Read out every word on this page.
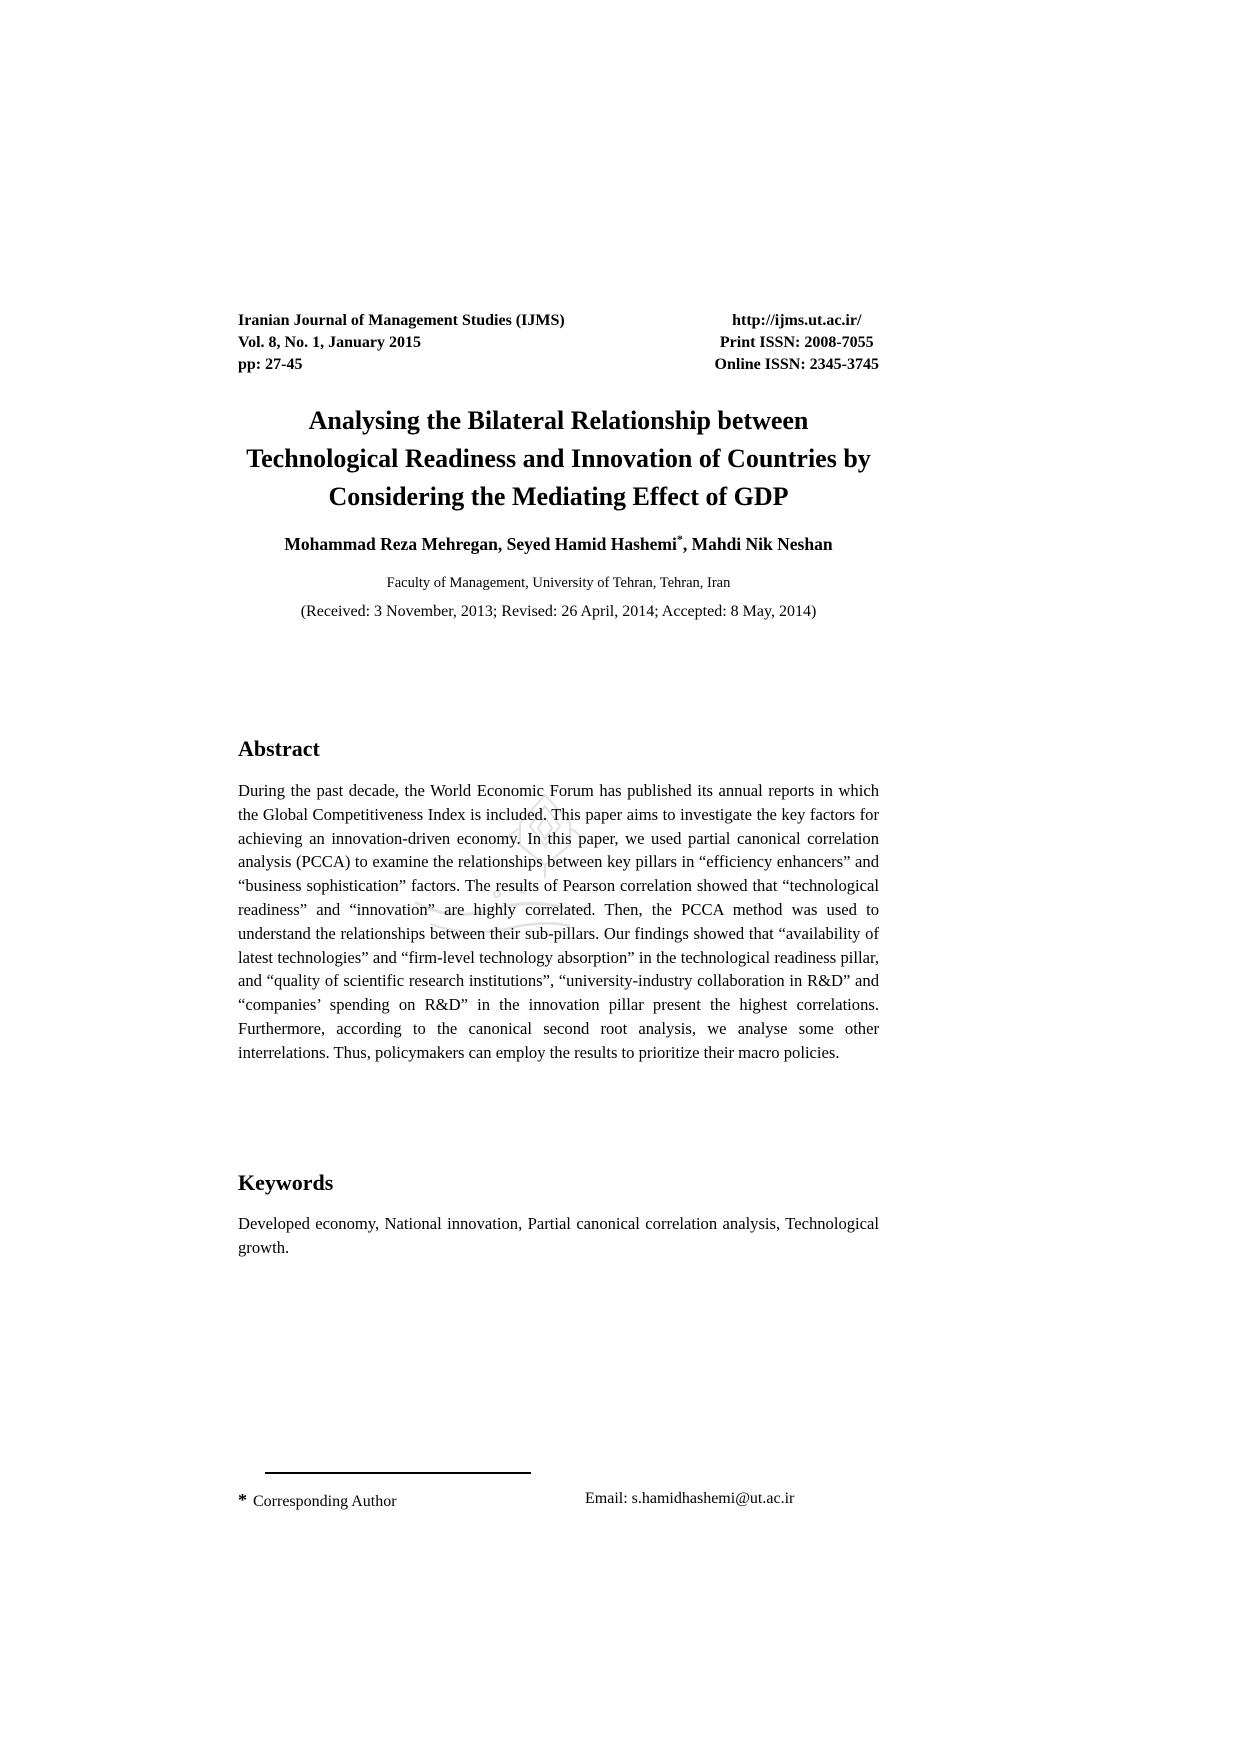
Iranian Journal of Management Studies (IJMS)
Vol. 8, No. 1, January 2015
pp: 27-45
http://ijms.ut.ac.ir/
Print ISSN: 2008-7055
Online ISSN: 2345-3745
Analysing the Bilateral Relationship between
Technological Readiness and Innovation of Countries by
Considering the Mediating Effect of GDP
Mohammad Reza Mehregan, Seyed Hamid Hashemi*, Mahdi Nik Neshan
Faculty of Management, University of Tehran, Tehran, Iran
(Received: 3 November, 2013; Revised: 26 April, 2014; Accepted: 8 May, 2014)
Abstract
During the past decade, the World Economic Forum has published its annual reports in which the Global Competitiveness Index is included. This paper aims to investigate the key factors for achieving an innovation-driven economy. In this paper, we used partial canonical correlation analysis (PCCA) to examine the relationships between key pillars in “efficiency enhancers” and “business sophistication” factors. The results of Pearson correlation showed that “technological readiness” and “innovation” are highly correlated. Then, the PCCA method was used to understand the relationships between their sub-pillars. Our findings showed that “availability of latest technologies” and “firm-level technology absorption” in the technological readiness pillar, and “quality of scientific research institutions”, “university-industry collaboration in R&D” and “companies’ spending on R&D” in the innovation pillar present the highest correlations. Furthermore, according to the canonical second root analysis, we analyse some other interrelations. Thus, policymakers can employ the results to prioritize their macro policies.
Keywords
Developed economy, National innovation, Partial canonical correlation analysis, Technological growth.
* Corresponding Author	Email: s.hamidhashemi@ut.ac.ir
